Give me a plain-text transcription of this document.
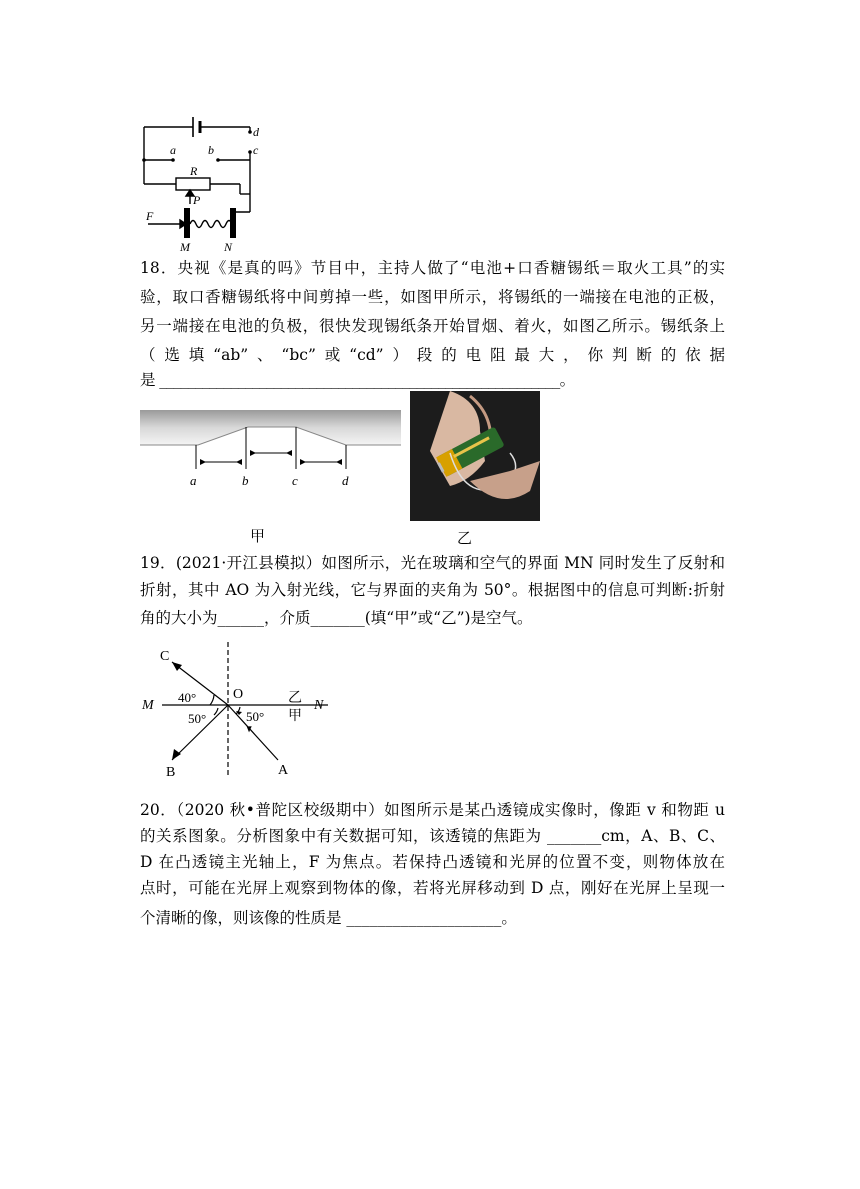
d
a	b	c
R
P
F
M	N
18．央视《是真的吗》节目中，主持人做了“电池+口香糖锡纸＝取火工具”的实
验，取口香糖锡纸将中间剪掉一些，如图甲所示，将锡纸的一端接在电池的正极，
另一端接在电池的负极，很快发现锡纸条开始冒烟、着火，如图乙所示。锡纸条上
（选填“ab”、“bc”或“cd”）段的电阻最大，你判断的依据
是 ________________________________________________________。
a	b	c	d
甲	乙
19．(2021·开江县模拟）如图所示，光在玻璃和空气的界面 MN 同时发生了反射和
折射，其中 AO 为入射光线，它与界面的夹角为 50°。根据图中的信息可判断:折射
角的大小为______，介质_______(填“甲”或“乙”)是空气。
C
M
O
40°
50°	50°
乙
甲
N
B	A
20．（2020 秋•普陀区校级期中）如图所示是某凸透镜成实像时，像距 v 和物距 u
的关系图象。分析图象中有关数据可知，该透镜的焦距为 _______cm，A、B、C、
D 在凸透镜主光轴上，F 为焦点。若保持凸透镜和光屏的位置不变，则物体放在
点时，可能在光屏上观察到物体的像，若将光屏移动到 D 点，刚好在光屏上呈现一
个清晰的像，则该像的性质是 ____________________。
